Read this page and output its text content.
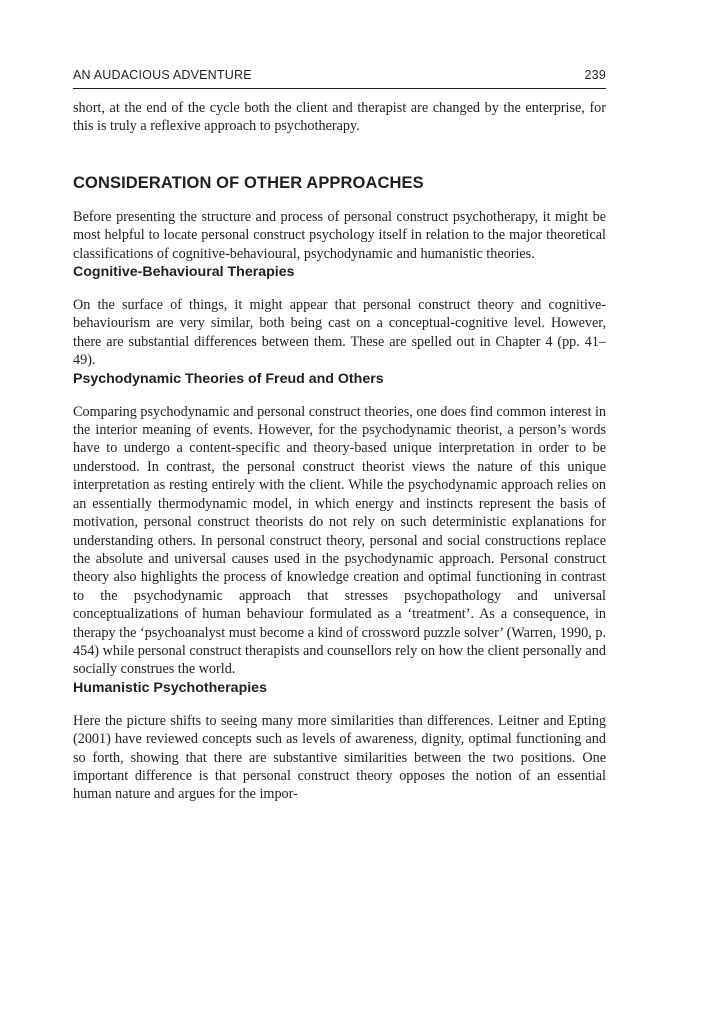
AN AUDACIOUS ADVENTURE	239

short, at the end of the cycle both the client and therapist are changed by the enterprise, for this is truly a reflexive approach to psychotherapy.

CONSIDERATION OF OTHER APPROACHES

Before presenting the structure and process of personal construct psychotherapy, it might be most helpful to locate personal construct psychology itself in relation to the major theoretical classifications of cognitive-behavioural, psychodynamic and humanistic theories.

Cognitive-Behavioural Therapies

On the surface of things, it might appear that personal construct theory and cognitive-behaviourism are very similar, both being cast on a conceptual-cognitive level. However, there are substantial differences between them. These are spelled out in Chapter 4 (pp. 41–49).

Psychodynamic Theories of Freud and Others

Comparing psychodynamic and personal construct theories, one does find common interest in the interior meaning of events. However, for the psychodynamic theorist, a person’s words have to undergo a content-specific and theory-based unique interpretation in order to be understood. In contrast, the personal construct theorist views the nature of this unique interpretation as resting entirely with the client. While the psychodynamic approach relies on an essentially thermodynamic model, in which energy and instincts represent the basis of motivation, personal construct theorists do not rely on such deterministic explanations for understanding others. In personal construct theory, personal and social constructions replace the absolute and universal causes used in the psychodynamic approach. Personal construct theory also highlights the process of knowledge creation and optimal functioning in contrast to the psychodynamic approach that stresses psychopathology and universal conceptualizations of human behaviour formulated as a ‘treatment’. As a consequence, in therapy the ‘psychoanalyst must become a kind of crossword puzzle solver’ (Warren, 1990, p. 454) while personal construct therapists and counsellors rely on how the client personally and socially construes the world.

Humanistic Psychotherapies

Here the picture shifts to seeing many more similarities than differences. Leitner and Epting (2001) have reviewed concepts such as levels of awareness, dignity, optimal functioning and so forth, showing that there are substantive similarities between the two positions. One important difference is that personal construct theory opposes the notion of an essential human nature and argues for the impor-
